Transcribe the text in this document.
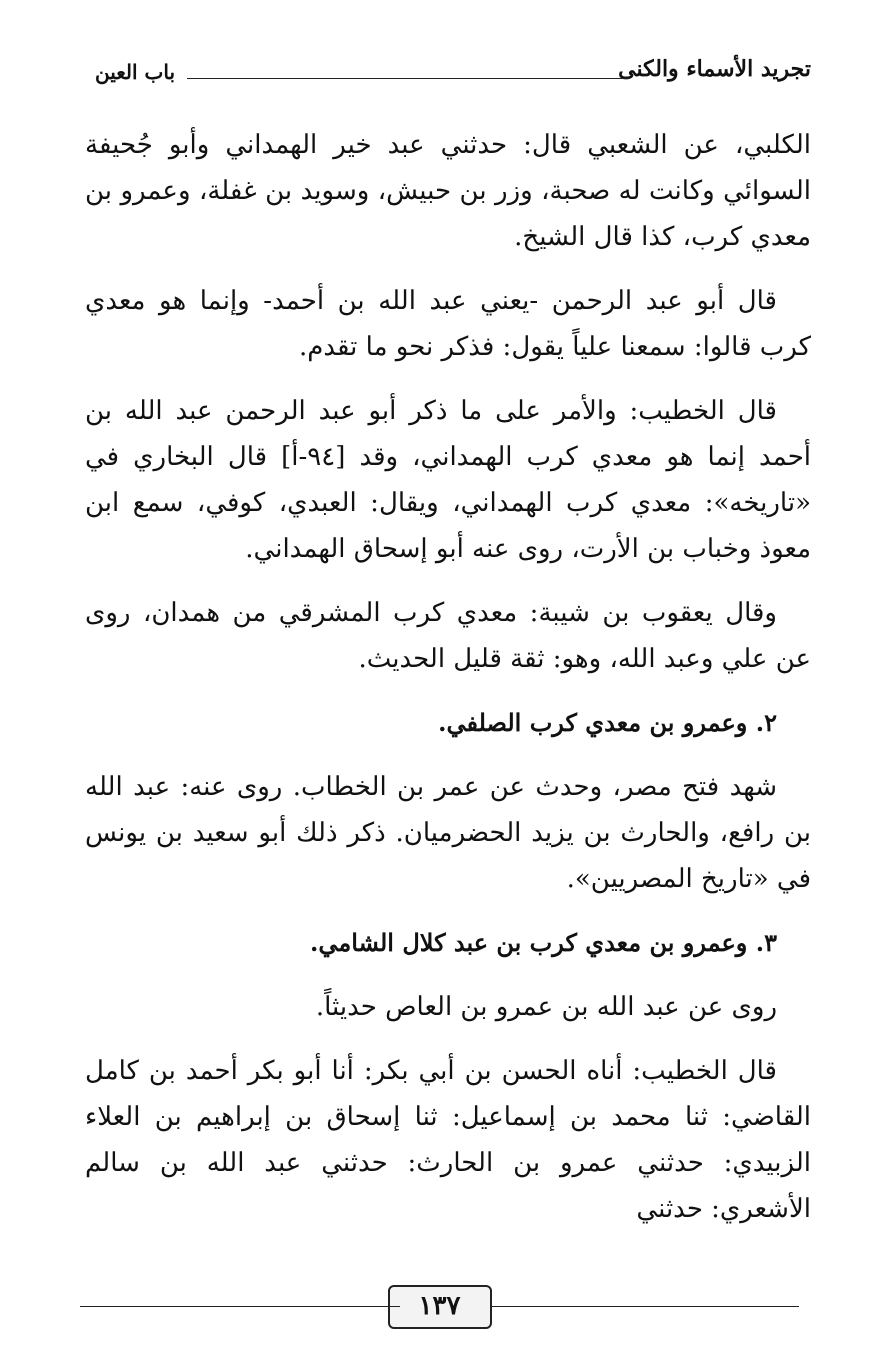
تجريد الأسماء والكنى
باب العين

الكلبي، عن الشعبي قال: حدثني عبد خير الهمداني وأبو جُحيفة السوائي وكانت له صحبة، وزر بن حبيش، وسويد بن غفلة، وعمرو بن معدي كرب، كذا قال الشيخ.

قال أبو عبد الرحمن -يعني عبد الله بن أحمد- وإنما هو معدي كرب قالوا: سمعنا علياً يقول: فذكر نحو ما تقدم.

قال الخطيب: والأمر على ما ذكر أبو عبد الرحمن عبد الله بن أحمد إنما هو معدي كرب الهمداني، وقد [٩٤-أ] قال البخاري في «تاريخه»: معدي كرب الهمداني، ويقال: العبدي، كوفي، سمع ابن معوذ وخباب بن الأرت، روى عنه أبو إسحاق الهمداني.

وقال يعقوب بن شيبة: معدي كرب المشرقي من همدان، روى عن علي وعبد الله، وهو: ثقة قليل الحديث.

٢. وعمرو بن معدي كرب الصلفي.

شهد فتح مصر، وحدث عن عمر بن الخطاب. روى عنه: عبد الله بن رافع، والحارث بن يزيد الحضرميان. ذكر ذلك أبو سعيد بن يونس في «تاريخ المصريين».

٣. وعمرو بن معدي كرب بن عبد كلال الشامي.

روى عن عبد الله بن عمرو بن العاص حديثاً.

قال الخطيب: أناه الحسن بن أبي بكر: أنا أبو بكر أحمد بن كامل القاضي: ثنا محمد بن إسماعيل: ثنا إسحاق بن إبراهيم بن العلاء الزبيدي: حدثني عمرو بن الحارث: حدثني عبد الله بن سالم الأشعري: حدثني

١٣٧
